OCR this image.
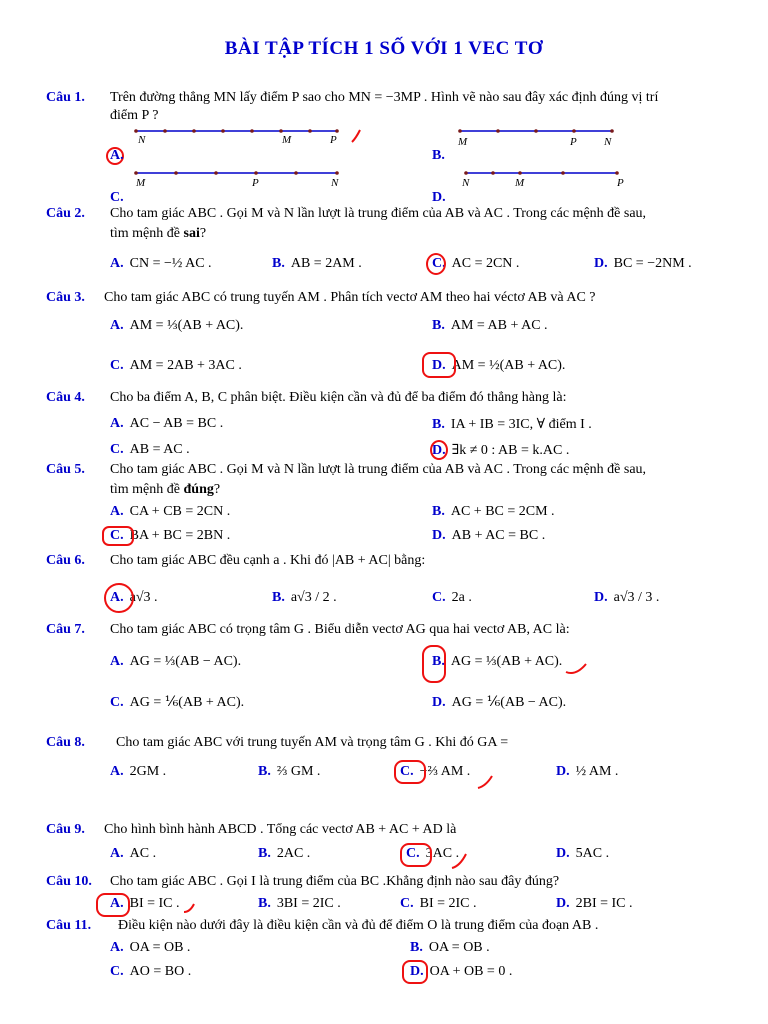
BÀI TẬP TÍCH 1 SỐ VỚI 1 VEC TƠ
Câu 1. Trên đường thẳng MN lấy điểm P sao cho MN = −3MP . Hình vẽ nào sau đây xác định đúng vị trí
điểm P ?
N	M	P	M	P N
M	P	N	N	M	P
A.	B.
C.	D.
Câu 2. Cho tam giác ABC . Gọi M và N lần lượt là trung điểm của AB và AC . Trong các mệnh đề sau,
tìm mệnh đề sai?
A. CN = −½ AC .	B. AB = 2AM .	C. AC = 2CN .	D. BC = −2NM .
Câu 3. Cho tam giác ABC có trung tuyến AM . Phân tích vectơ AM theo hai véctơ AB và AC ?
A. AM = ⅓(AB + AC).	B. AM = AB + AC .
C. AM = 2AB + 3AC .	D. AM = ½(AB + AC).
Câu 4. Cho ba điểm A, B, C phân biệt. Điều kiện cần và đủ để ba điểm đó thẳng hàng là:
A. AC − AB = BC .	B. IA + IB = 3IC, ∀ điểm I .
C. AB = AC .	D. ∃k ≠ 0 : AB = k.AC .
Câu 5. Cho tam giác ABC . Gọi M và N lần lượt là trung điểm của AB và AC . Trong các mệnh đề sau,
tìm mệnh đề đúng?
A. CA + CB = 2CN .	B. AC + BC = 2CM .
C. BA + BC = 2BN .	D. AB + AC = BC .
Câu 6. Cho tam giác ABC đều cạnh a . Khi đó |AB + AC| bằng:
A. a√3 .	B. a√3 / 2 .	C. 2a .	D. a√3 / 3 .
Câu 7. Cho tam giác ABC có trọng tâm G . Biểu diễn vectơ AG qua hai vectơ AB, AC là:
A. AG = ⅓(AB − AC).	B. AG = ⅓(AB + AC).
C. AG = ⅙(AB + AC).	D. AG = ⅙(AB − AC).
Câu 8. Cho tam giác ABC với trung tuyến AM và trọng tâm G . Khi đó GA =
A. 2GM .	B. ⅔ GM .	C. −⅔ AM .	D. ½ AM .
Câu 9. Cho hình bình hành ABCD . Tổng các vectơ AB + AC + AD là
A. AC .	B. 2AC .	C. 3AC .	D. 5AC .
Câu 10. Cho tam giác ABC . Gọi I là trung điểm của BC .Khẳng định nào sau đây đúng?
A. BI = IC .	B. 3BI = 2IC .	C. BI = 2IC .	D. 2BI = IC .
Câu 11. Điều kiện nào dưới đây là điều kiện cần và đủ để điểm O là trung điểm của đoạn AB .
A. OA = OB .	B. OA = OB .
C. AO = BO .	D. OA + OB = 0 .
